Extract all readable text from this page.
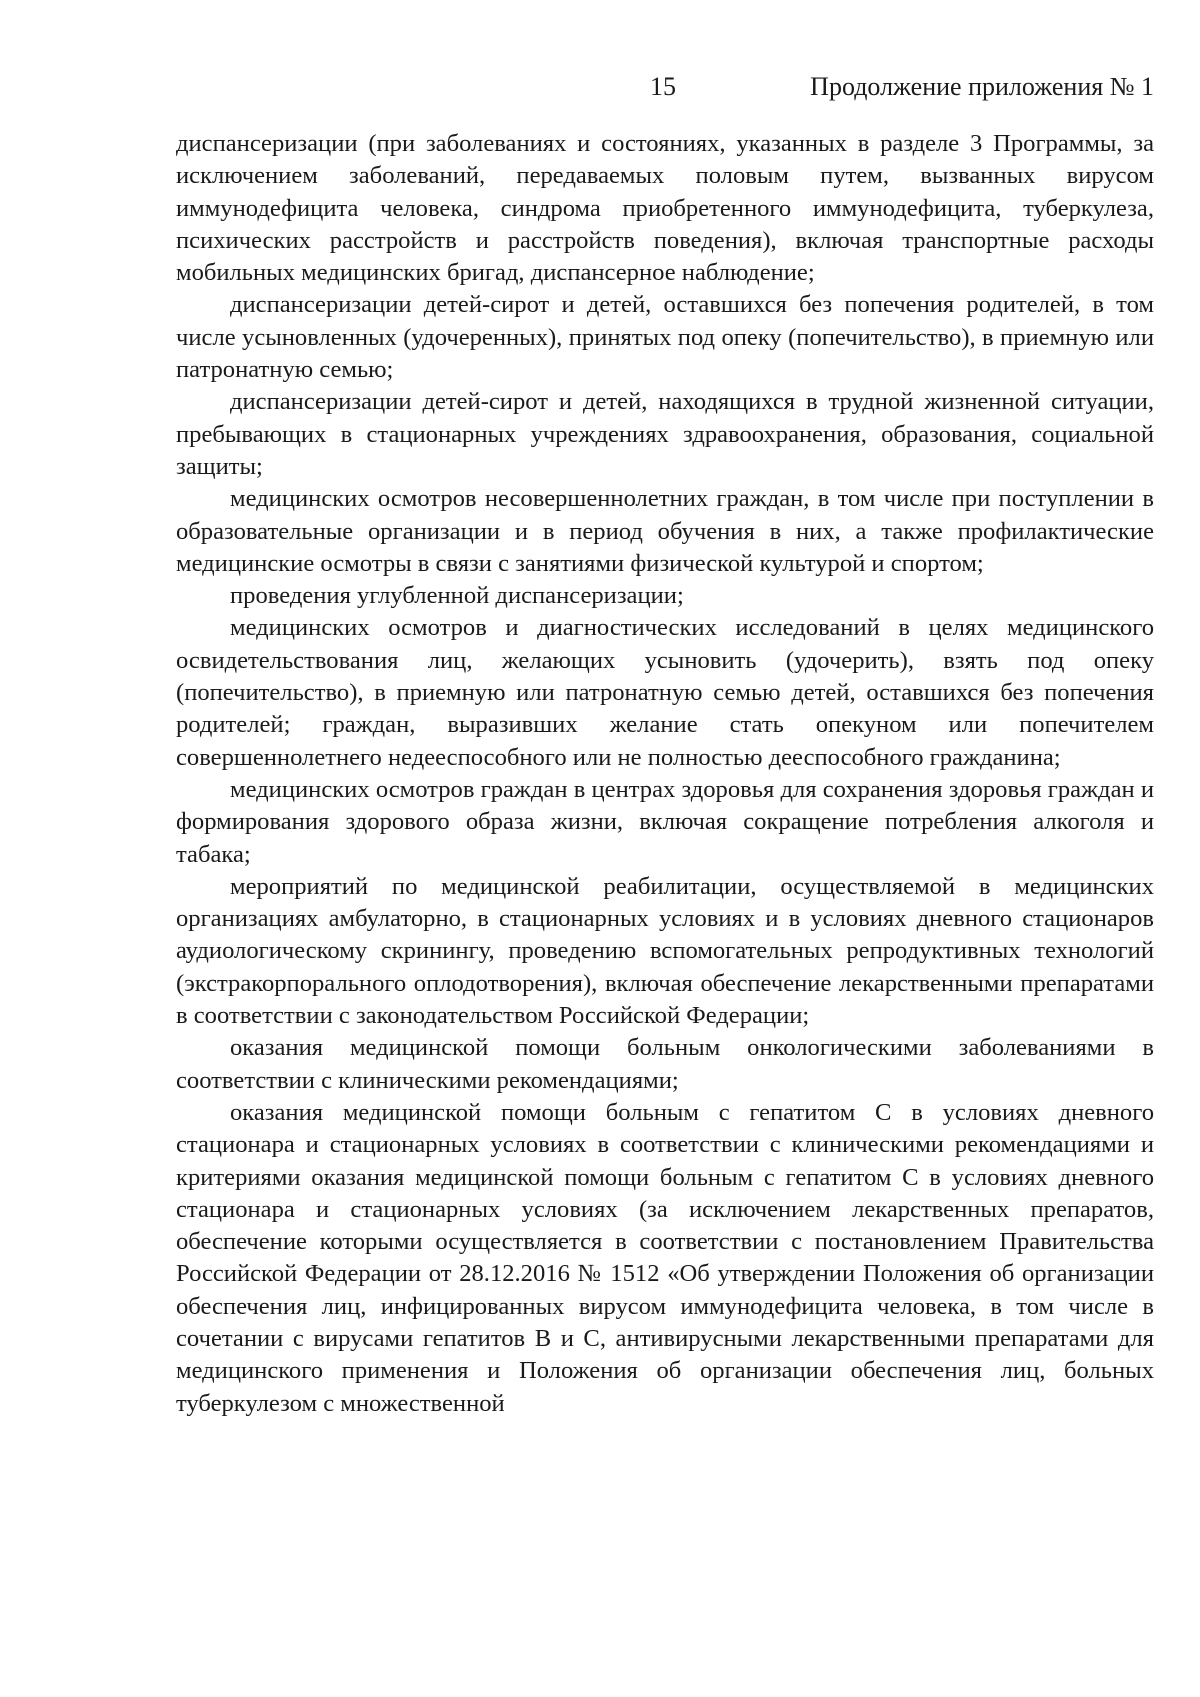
15	Продолжение приложения № 1

диспансеризации (при заболеваниях и состояниях, указанных в разделе 3 Программы, за исключением заболеваний, передаваемых половым путем, вызванных вирусом иммунодефицита человека, синдрома приобретенного иммунодефицита, туберкулеза, психических расстройств и расстройств поведения), включая транспортные расходы мобильных медицинских бригад, диспансерное наблюдение;

диспансеризации детей-сирот и детей, оставшихся без попечения родителей, в том числе усыновленных (удочеренных), принятых под опеку (попечительство), в приемную или патронатную семью;

диспансеризации детей-сирот и детей, находящихся в трудной жизненной ситуации, пребывающих в стационарных учреждениях здравоохранения, образования, социальной защиты;

медицинских осмотров несовершеннолетних граждан, в том числе при поступлении в образовательные организации и в период обучения в них, а также профилактические медицинские осмотры в связи с занятиями физической культурой и спортом;

проведения углубленной диспансеризации;

медицинских осмотров и диагностических исследований в целях медицинского освидетельствования лиц, желающих усыновить (удочерить), взять под опеку (попечительство), в приемную или патронатную семью детей, оставшихся без попечения родителей; граждан, выразивших желание стать опекуном или попечителем совершеннолетнего недееспособного или не полностью дееспособного гражданина;

медицинских осмотров граждан в центрах здоровья для сохранения здоровья граждан и формирования здорового образа жизни, включая сокращение потребления алкоголя и табака;

мероприятий по медицинской реабилитации, осуществляемой в медицинских организациях амбулаторно, в стационарных условиях и в условиях дневного стационаров аудиологическому скринингу, проведению вспомогательных репродуктивных технологий (экстракорпорального оплодотворения), включая обеспечение лекарственными препаратами в соответствии с законодательством Российской Федерации;

оказания медицинской помощи больным онкологическими заболеваниями в соответствии с клиническими рекомендациями;

оказания медицинской помощи больным с гепатитом С в условиях дневного стационара и стационарных условиях в соответствии с клиническими рекомендациями и критериями оказания медицинской помощи больным с гепатитом С в условиях дневного стационара и стационарных условиях (за исключением лекарственных препаратов, обеспечение которыми осуществляется в соответствии с постановлением Правительства Российской Федерации от 28.12.2016 № 1512 «Об утверждении Положения об организации обеспечения лиц, инфицированных вирусом иммунодефицита человека, в том числе в сочетании с вирусами гепатитов В и С, антивирусными лекарственными препаратами для медицинского применения и Положения об организации обеспечения лиц, больных туберкулезом с множественной
